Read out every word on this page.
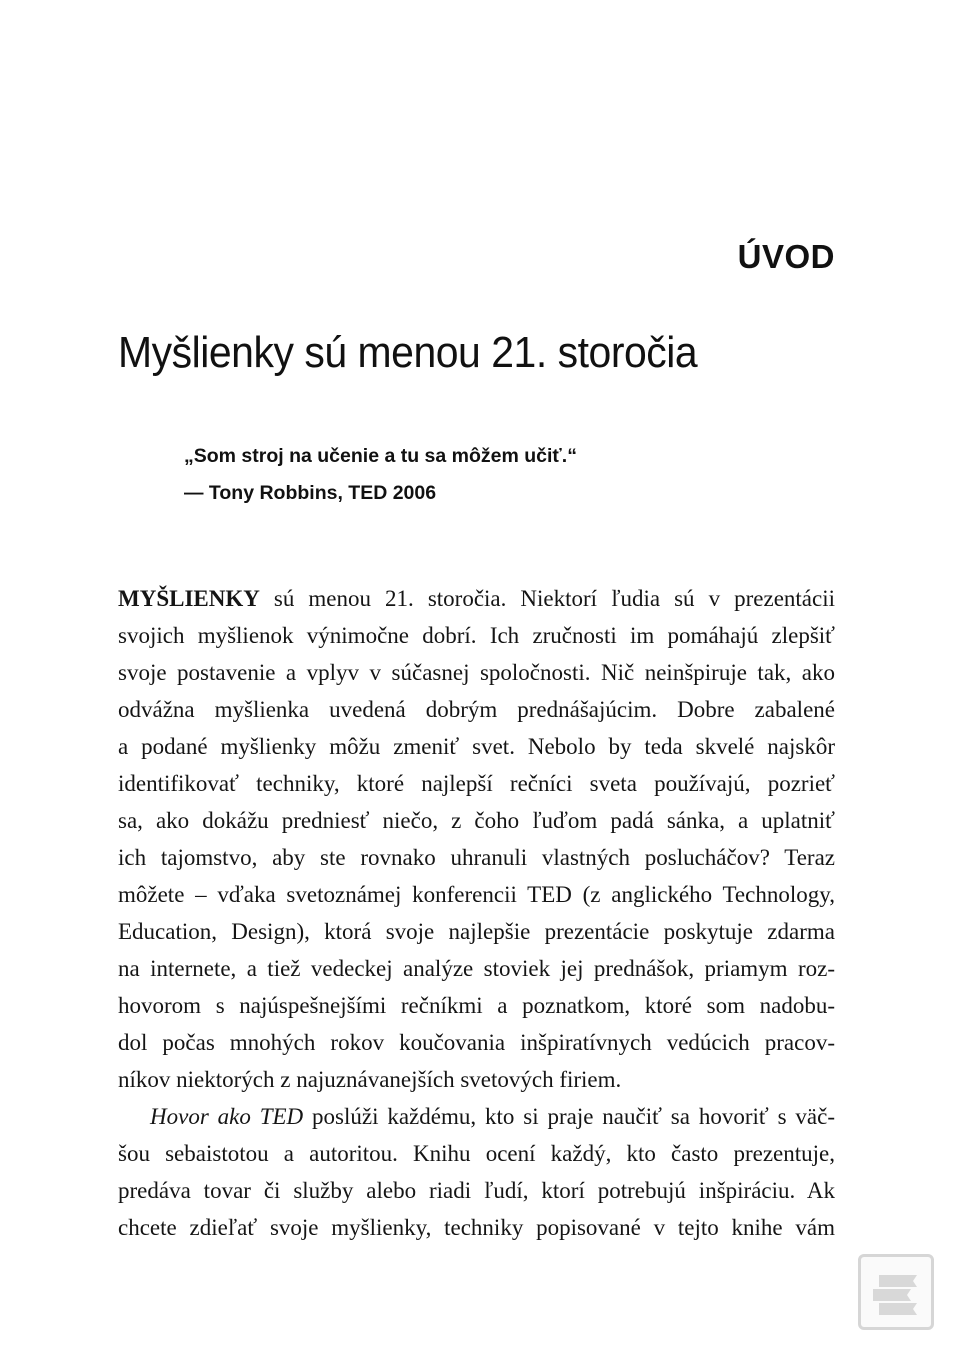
ÚVOD
Myšlienky sú menou 21. storočia
„Som stroj na učenie a tu sa môžem učiť.“
— Tony Robbins, TED 2006
MYŠLIENKY sú menou 21. storočia. Niektorí ľudia sú v prezentácii
svojich myšlienok výnimočne dobrí. Ich zručnosti im pomáhajú zlepšiť
svoje postavenie a vplyv v súčasnej spoločnosti. Nič neinšpiruje tak, ako
odvážna myšlienka uvedená dobrým prednášajúcim. Dobre zabalené
a podané myšlienky môžu zmeniť svet. Nebolo by teda skvelé najskôr
identifikovať techniky, ktoré najlepší rečníci sveta používajú, pozrieť
sa, ako dokážu predniesť niečo, z čoho ľuďom padá sánka, a uplatniť
ich tajomstvo, aby ste rovnako uhranuli vlastných poslucháčov? Teraz
môžete – vďaka svetoznámej konferencii TED (z anglického Technology,
Education, Design), ktorá svoje najlepšie prezentácie poskytuje zdarma
na internete, a tiež vedeckej analýze stoviek jej prednášok, priamym roz-
hovorom s najúspešnejšími rečníkmi a poznatkom, ktoré som nadobu-
dol počas mnohých rokov koučovania inšpiratívnych vedúcich pracov-
níkov niektorých z najuznávanejších svetových firiem.
Hovor ako TED poslúži každému, kto si praje naučiť sa hovoriť s väč-
šou sebaistotou a autoritou. Knihu ocení každý, kto často prezentuje,
predáva tovar či služby alebo riadi ľudí, ktorí potrebujú inšpiráciu. Ak
chcete zdieľať svoje myšlienky, techniky popisované v tejto knihe vám
